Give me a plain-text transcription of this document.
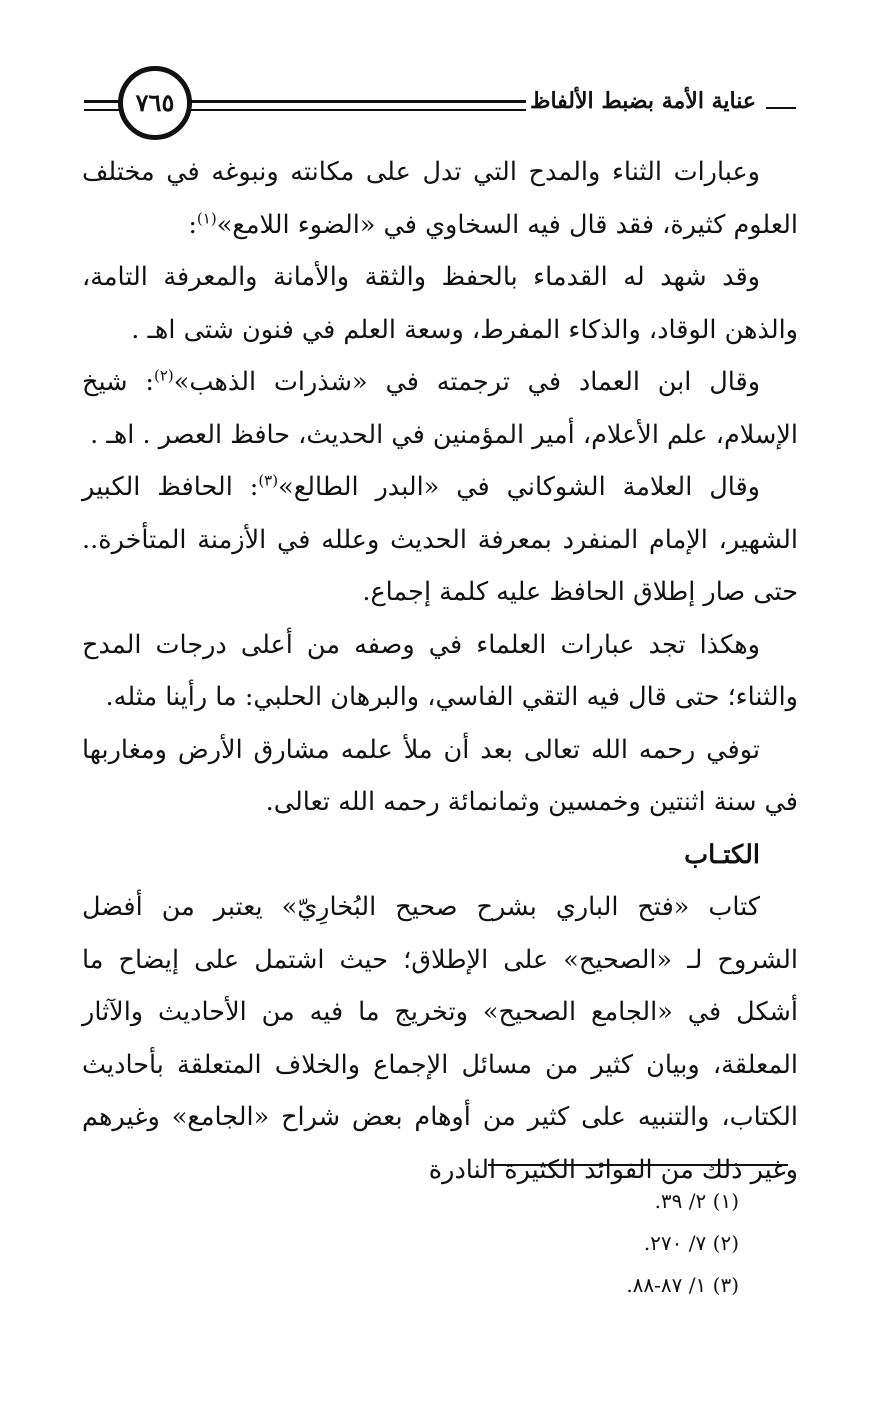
٧٦٥	عناية الأمة بضبط الألفاظ

وعبارات الثناء والمدح التي تدل على مكانته ونبوغه في مختلف العلوم كثيرة، فقد قال فيه السخاوي في «الضوء اللامع»$^{(١)}$:

وقد شهد له القدماء بالحفظ والثقة والأمانة والمعرفة التامة، والذهن الوقاد، والذكاء المفرط، وسعة العلم في فنون شتى اهـ .

وقال ابن العماد في ترجمته في «شذرات الذهب»$^{(٢)}$: شيخ الإسلام، علم الأعلام، أمير المؤمنين في الحديث، حافظ العصر . اهـ .

وقال العلامة الشوكاني في «البدر الطالع»$^{(٣)}$: الحافظ الكبير الشهير، الإمام المنفرد بمعرفة الحديث وعلله في الأزمنة المتأخرة.. حتى صار إطلاق الحافظ عليه كلمة إجماع.

وهكذا تجد عبارات العلماء في وصفه من أعلى درجات المدح والثناء؛ حتى قال فيه التقي الفاسي، والبرهان الحلبي: ما رأينا مثله.

توفي رحمه الله تعالى بعد أن ملأ علمه مشارق الأرض ومغاربها في سنة اثنتين وخمسين وثمانمائة رحمه الله تعالى.

الكتـاب

كتاب «فتح الباري بشرح صحيح البُخارِيّ» يعتبر من أفضل الشروح لـ «الصحيح» على الإطلاق؛ حيث اشتمل على إيضاح ما أشكل في «الجامع الصحيح» وتخريج ما فيه من الأحاديث والآثار المعلقة، وبيان كثير من مسائل الإجماع والخلاف المتعلقة بأحاديث الكتاب، والتنبيه على كثير من أوهام بعض شراح «الجامع» وغيرهم وغير ذلك من الفوائد الكثيرة النادرة

(١) ٢/ ٣٩.
(٢) ٧/ ٢٧٠.
(٣) ١/ ٨٧-٨٨.
